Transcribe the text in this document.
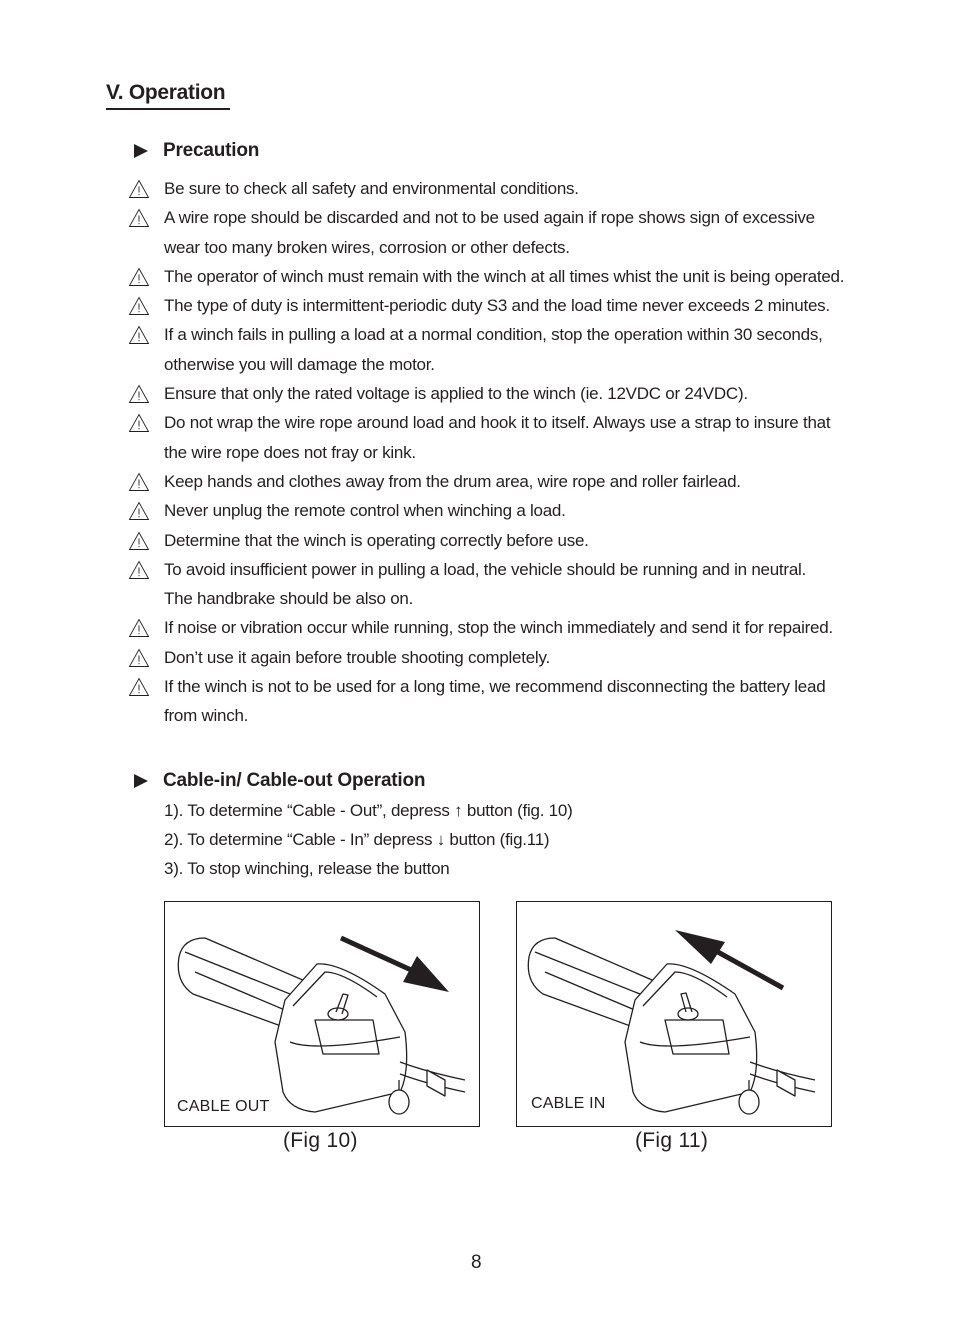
V. Operation
Precaution
Be sure to check all safety and environmental conditions.
A wire rope should be discarded and not to be used again if rope shows sign of excessive
wear too many broken wires, corrosion or other defects.
The operator of winch must remain with the winch at all times whist the unit is being operated.
The type of duty is intermittent-periodic duty S3 and the load time never exceeds 2 minutes.
If a winch fails in pulling a load at a normal condition, stop the operation within 30 seconds,
otherwise you will damage the motor.
Ensure that only the rated voltage is applied to the winch (ie. 12VDC or 24VDC).
Do not wrap the wire rope around load and hook it to itself. Always use a strap to insure that
the wire rope does not fray or kink.
Keep hands and clothes away from the drum area, wire rope and roller fairlead.
Never unplug the remote control when winching a load.
Determine that the winch is operating correctly before use.
To avoid insufficient power in pulling a load, the vehicle should be running and in neutral.
The handbrake should be also on.
If noise or vibration occur while running, stop the winch immediately and send it for repaired.
Don’t use it again before trouble shooting completely.
If the winch is not to be used for a long time, we recommend disconnecting the battery lead
from winch.
Cable-in/ Cable-out Operation
1). To determine “Cable - Out”, depress ↑ button (fig. 10)
2). To determine “Cable - In” depress ↓ button (fig.11)
3). To stop winching, release the button
CABLE OUT
(Fig 10)
CABLE IN
(Fig 11)
8
